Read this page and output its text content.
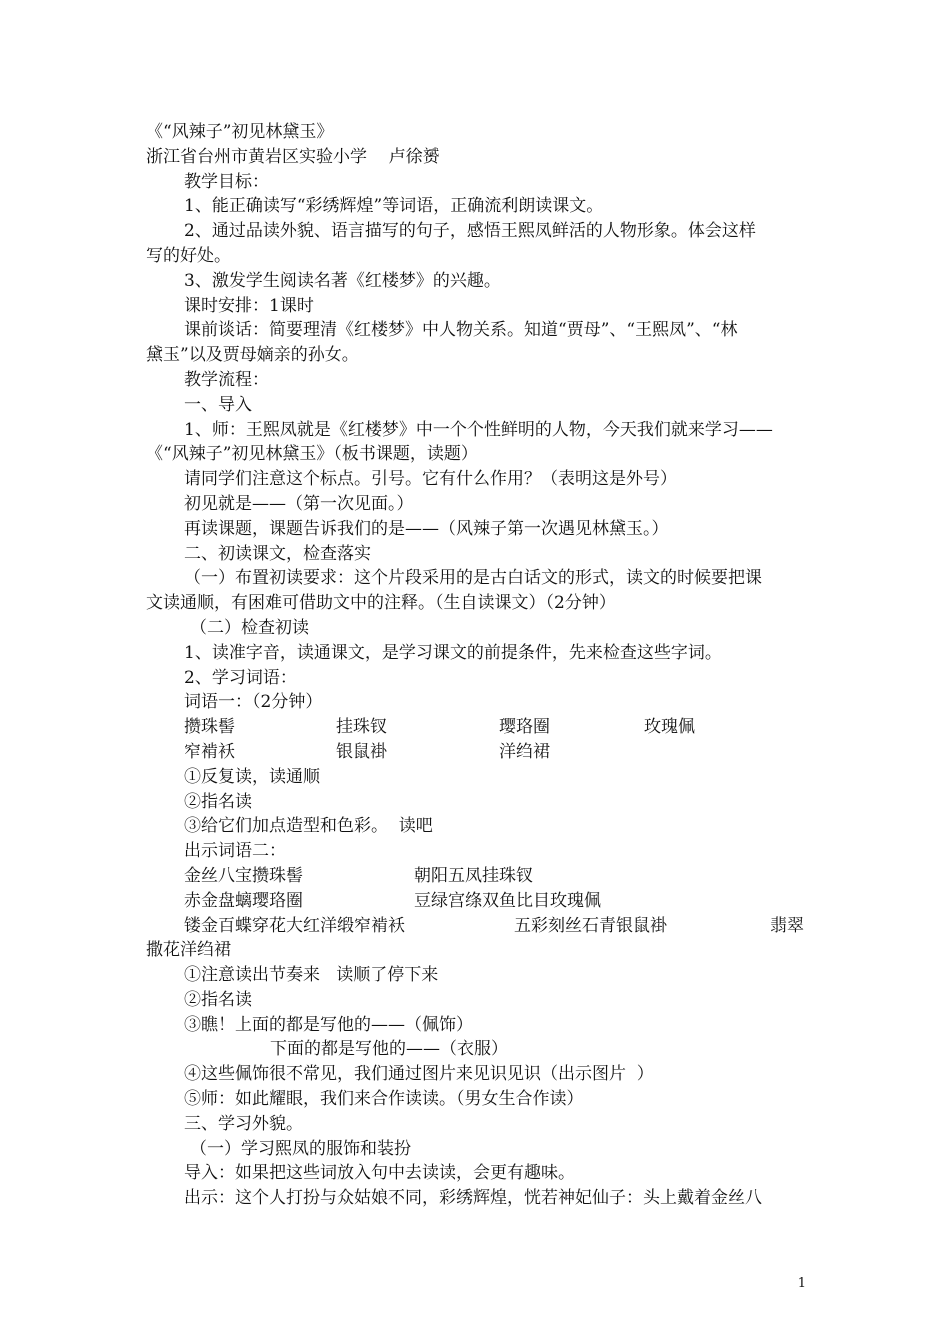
《“风辣子”初见林黛玉》
浙江省台州市黄岩区实验小学    卢徐赟
教学目标：
1、能正确读写“彩绣辉煌”等词语，正确流利朗读课文。
2、通过品读外貌、语言描写的句子，感悟王熙凤鲜活的人物形象。体会这样
写的好处。
3、激发学生阅读名著《红楼梦》的兴趣。
课时安排：1课时
课前谈话：简要理清《红楼梦》中人物关系。知道“贾母”、“王熙凤”、“林
黛玉”以及贾母嫡亲的孙女。
教学流程：
一、导入
1、师：王熙凤就是《红楼梦》中一个个性鲜明的人物，今天我们就来学习——
《“风辣子”初见林黛玉》（板书课题，读题）
请同学们注意这个标点。引号。它有什么作用？（表明这是外号）
初见就是——（第一次见面。）
再读课题，课题告诉我们的是——（风辣子第一次遇见林黛玉。）
二、初读课文，检查落实
（一）布置初读要求：这个片段采用的是古白话文的形式，读文的时候要把课
文读通顺，有困难可借助文中的注释。（生自读课文）（2分钟）
（二）检查初读
1、读准字音，读通课文，是学习课文的前提条件，先来检查这些字词。
2、学习词语：
词语一：（2分钟）
攒珠髻	挂珠钗	璎珞圈	玫瑰佩
窄褃袄	银鼠褂	洋绉裙
①反复读，读通顺
②指名读
③给它们加点造型和色彩。  读吧
出示词语二：
金丝八宝攒珠髻	朝阳五凤挂珠钗
赤金盘螭璎珞圈	豆绿宫绦双鱼比目玫瑰佩
镂金百蝶穿花大红洋缎窄褃袄	五彩刻丝石青银鼠褂	翡翠
撒花洋绉裙
①注意读出节奏来   读顺了停下来
②指名读
③瞧！上面的都是写他的——（佩饰）
下面的都是写他的——（衣服）
④这些佩饰很不常见，我们通过图片来见识见识（出示图片  ）
⑤师：如此耀眼，我们来合作读读。（男女生合作读）
三、学习外貌。
（一）学习熙凤的服饰和装扮
导入：如果把这些词放入句中去读读，会更有趣味。
出示：这个人打扮与众姑娘不同，彩绣辉煌，恍若神妃仙子：头上戴着金丝八
1
